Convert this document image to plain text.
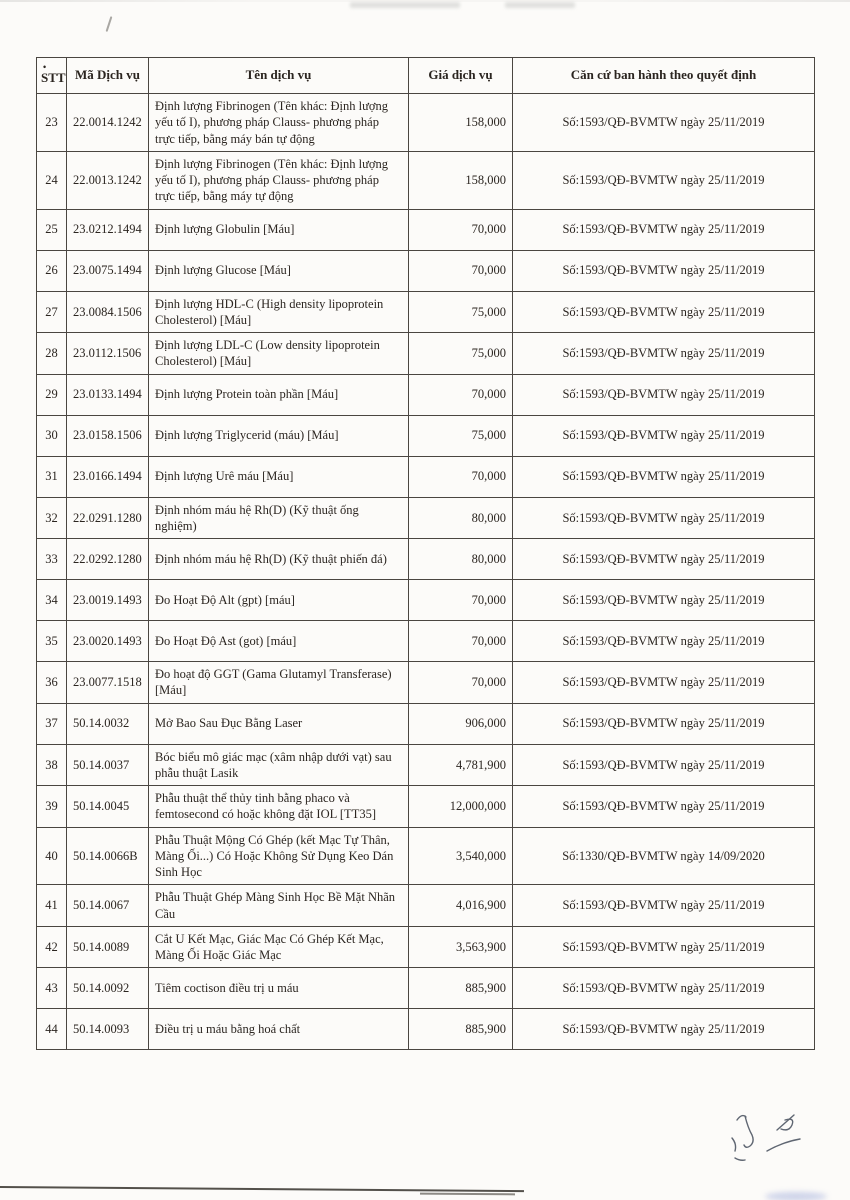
•
STT	Mã Dịch vụ	Tên dịch vụ	Giá dịch vụ	Căn cứ ban hành theo quyết định
23	22.0014.1242	Định lượng Fibrinogen (Tên khác: Định lượng yếu tố I), phương pháp Clauss- phương pháp trực tiếp, bằng máy bán tự động	158,000	Số:1593/QĐ-BVMTW ngày 25/11/2019
24	22.0013.1242	Định lượng Fibrinogen (Tên khác: Định lượng yếu tố I), phương pháp Clauss- phương pháp trực tiếp, bằng máy tự động	158,000	Số:1593/QĐ-BVMTW ngày 25/11/2019
25	23.0212.1494	Định lượng Globulin [Máu]	70,000	Số:1593/QĐ-BVMTW ngày 25/11/2019
26	23.0075.1494	Định lượng Glucose [Máu]	70,000	Số:1593/QĐ-BVMTW ngày 25/11/2019
27	23.0084.1506	Định lượng HDL-C (High density lipoprotein Cholesterol) [Máu]	75,000	Số:1593/QĐ-BVMTW ngày 25/11/2019
28	23.0112.1506	Định lượng LDL-C (Low density lipoprotein Cholesterol) [Máu]	75,000	Số:1593/QĐ-BVMTW ngày 25/11/2019
29	23.0133.1494	Định lượng Protein toàn phần [Máu]	70,000	Số:1593/QĐ-BVMTW ngày 25/11/2019
30	23.0158.1506	Định lượng Triglycerid (máu) [Máu]	75,000	Số:1593/QĐ-BVMTW ngày 25/11/2019
31	23.0166.1494	Định lượng Urê máu [Máu]	70,000	Số:1593/QĐ-BVMTW ngày 25/11/2019
32	22.0291.1280	Định nhóm máu hệ Rh(D) (Kỹ thuật ống nghiệm)	80,000	Số:1593/QĐ-BVMTW ngày 25/11/2019
33	22.0292.1280	Định nhóm máu hệ Rh(D) (Kỹ thuật phiến đá)	80,000	Số:1593/QĐ-BVMTW ngày 25/11/2019
34	23.0019.1493	Đo Hoạt Độ Alt (gpt) [máu]	70,000	Số:1593/QĐ-BVMTW ngày 25/11/2019
35	23.0020.1493	Đo Hoạt Độ Ast (got) [máu]	70,000	Số:1593/QĐ-BVMTW ngày 25/11/2019
36	23.0077.1518	Đo hoạt độ GGT (Gama Glutamyl Transferase) [Máu]	70,000	Số:1593/QĐ-BVMTW ngày 25/11/2019
37	50.14.0032	Mở Bao Sau Đục Bằng Laser	906,000	Số:1593/QĐ-BVMTW ngày 25/11/2019
38	50.14.0037	Bóc biểu mô giác mạc (xâm nhập dưới vạt) sau phẫu thuật Lasik	4,781,900	Số:1593/QĐ-BVMTW ngày 25/11/2019
39	50.14.0045	Phẫu thuật thể thủy tinh bằng phaco và femtosecond có hoặc không đặt IOL [TT35]	12,000,000	Số:1593/QĐ-BVMTW ngày 25/11/2019
40	50.14.0066B	Phẫu Thuật Mộng Có Ghép (kết Mạc Tự Thân, Màng Ối...) Có Hoặc Không Sử Dụng Keo Dán Sinh Học	3,540,000	Số:1330/QĐ-BVMTW ngày 14/09/2020
41	50.14.0067	Phẫu Thuật Ghép Màng Sinh Học Bề Mặt Nhãn Cầu	4,016,900	Số:1593/QĐ-BVMTW ngày 25/11/2019
42	50.14.0089	Cắt U Kết Mạc, Giác Mạc Có Ghép Kết Mạc, Màng Ối Hoặc Giác Mạc	3,563,900	Số:1593/QĐ-BVMTW ngày 25/11/2019
43	50.14.0092	Tiêm coctison điều trị u máu	885,900	Số:1593/QĐ-BVMTW ngày 25/11/2019
44	50.14.0093	Điều trị u máu bằng hoá chất	885,900	Số:1593/QĐ-BVMTW ngày 25/11/2019
